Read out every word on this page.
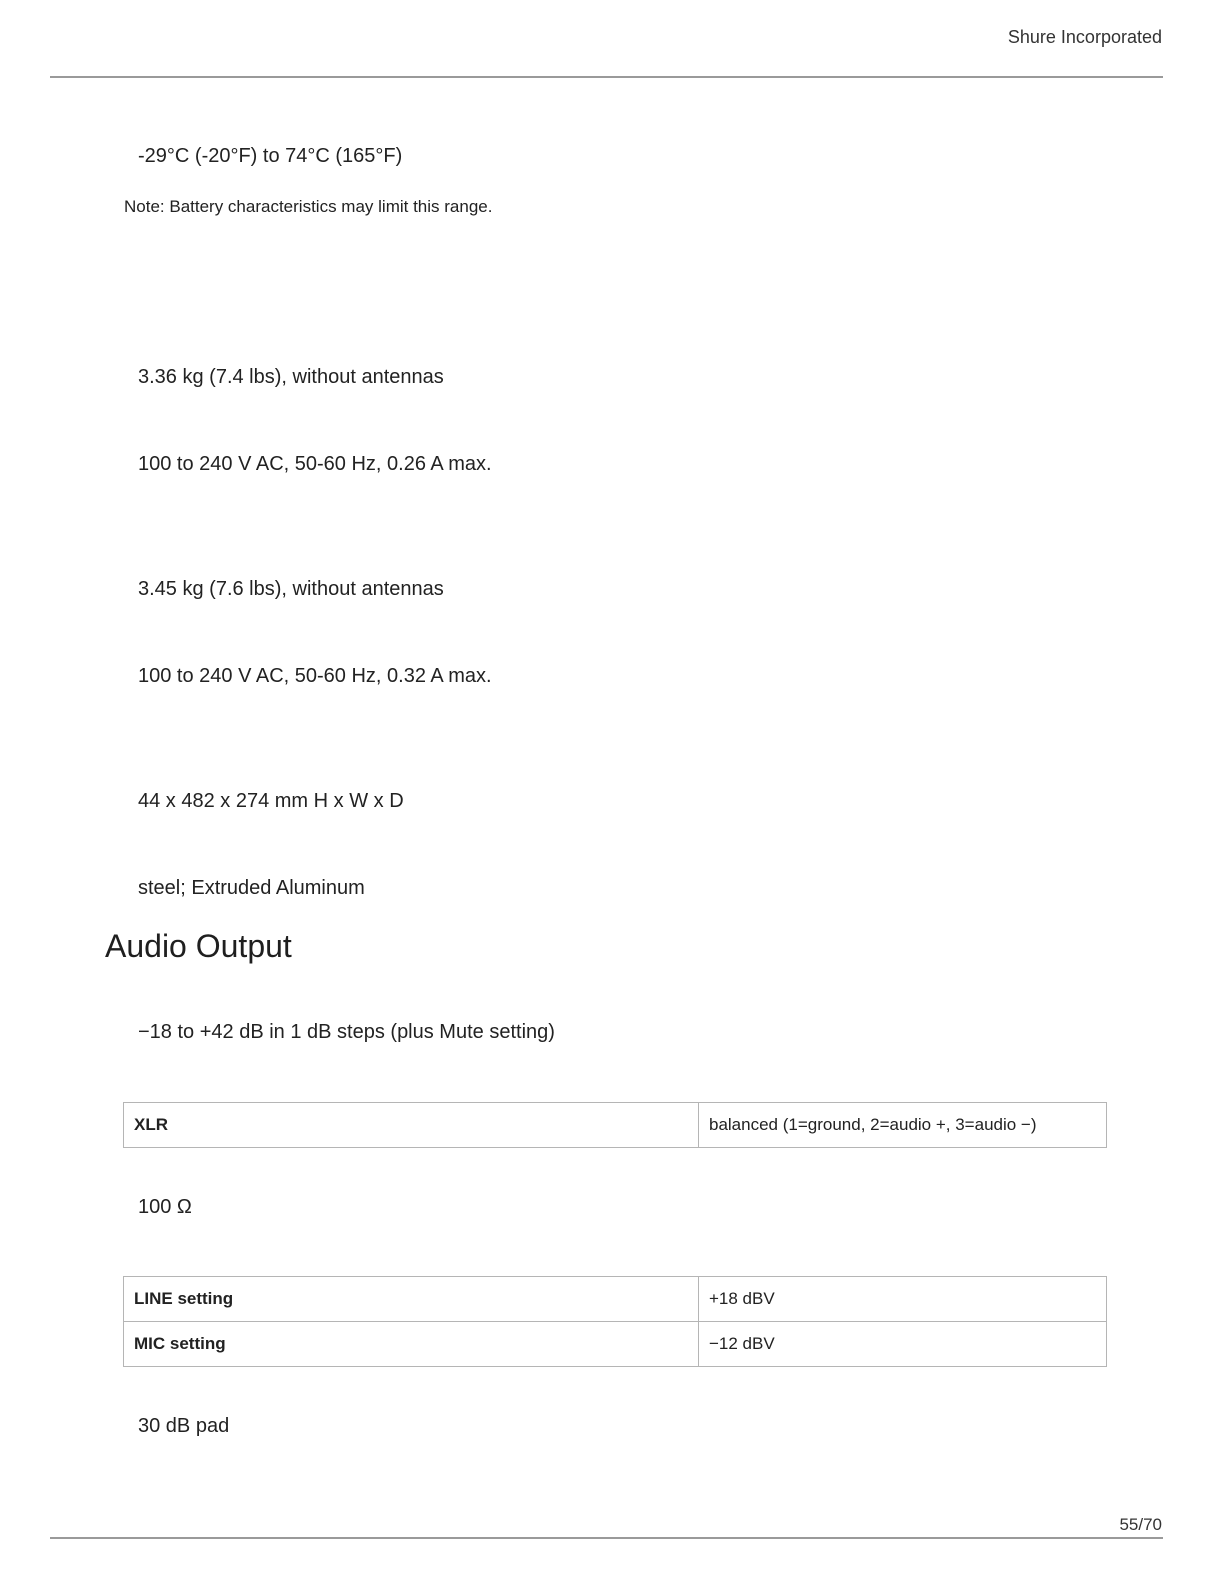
Shure Incorporated
-29°C (-20°F) to 74°C (165°F)
Note: Battery characteristics may limit this range.
3.36 kg (7.4 lbs), without antennas
100 to 240 V AC, 50-60 Hz, 0.26 A max.
3.45 kg (7.6 lbs), without antennas
100 to 240 V AC, 50-60 Hz, 0.32 A max.
44 x 482 x 274 mm H x W x D
steel; Extruded Aluminum
Audio Output
−18 to +42 dB in 1 dB steps (plus Mute setting)
XLR	balanced (1=ground, 2=audio +, 3=audio −)
100 Ω
LINE setting	+18 dBV
MIC setting	−12 dBV
30 dB pad
55/70
